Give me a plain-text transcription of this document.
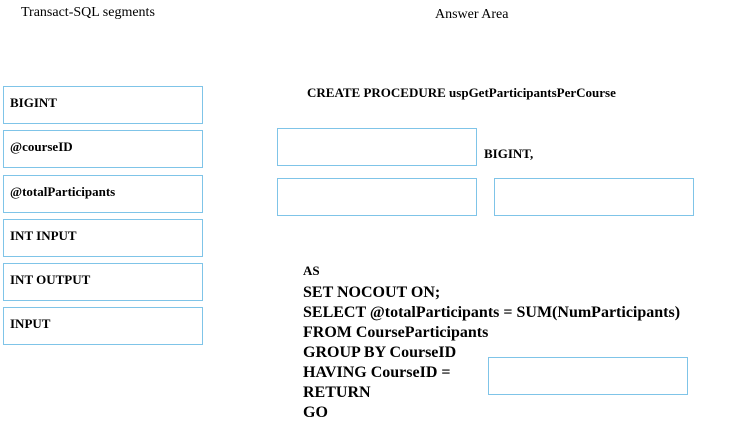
Transact-SQL segments	Answer Area
BIGINT
@courseID
@totalParticipants
INT INPUT
INT OUTPUT
INPUT
CREATE PROCEDURE uspGetParticipantsPerCourse
BIGINT,
AS
SET NOCOUT ON;
SELECT @totalParticipants = SUM(NumParticipants)
FROM CourseParticipants
GROUP BY CourseID
HAVING CourseID =
RETURN
GO
